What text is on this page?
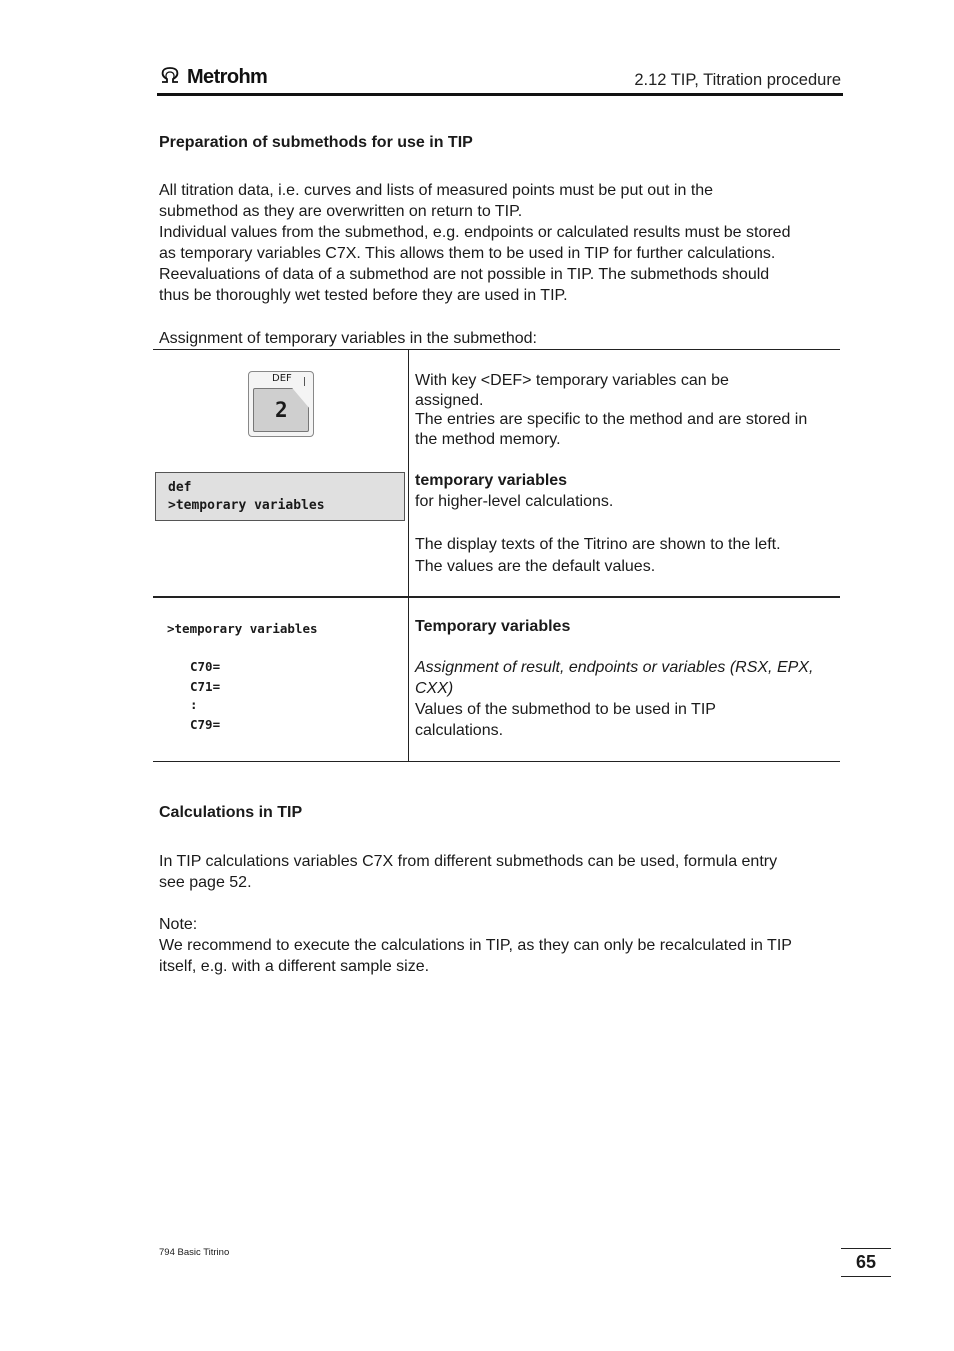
Metrohm	2.12 TIP, Titration procedure
Preparation of submethods for use in TIP

All titration data, i.e. curves and lists of measured points must be put out in the

submethod as they are overwritten on return to TIP.

Individual values from the submethod, e.g. endpoints or calculated results must be stored

as temporary variables C7X. This allows them to be used in TIP for further calculations.

Reevaluations of data of a submethod are not possible in TIP. The submethods should

thus be thoroughly wet tested before they are used in TIP.

Assignment of temporary variables in the submethod:
DEF
2
def
>temporary variables

With key <DEF> temporary variables can be

assigned.

The entries are specific to the method and are stored in

the method memory.

temporary variables

for higher-level calculations.

The display texts of the Titrino are shown to the left.

The values are the default values.

>temporary variables
C70=
C71=
:
C79=
Temporary variables

Assignment of result, endpoints or variables (RSX, EPX,

CXX)

Values of the submethod to be used in TIP

calculations.

Calculations in TIP

In TIP calculations variables C7X from different submethods can be used, formula entry

see page 52.

Note:

We recommend to execute the calculations in TIP, as they can only be recalculated in TIP

itself, e.g. with a different sample size.

794 Basic Titrino	65
